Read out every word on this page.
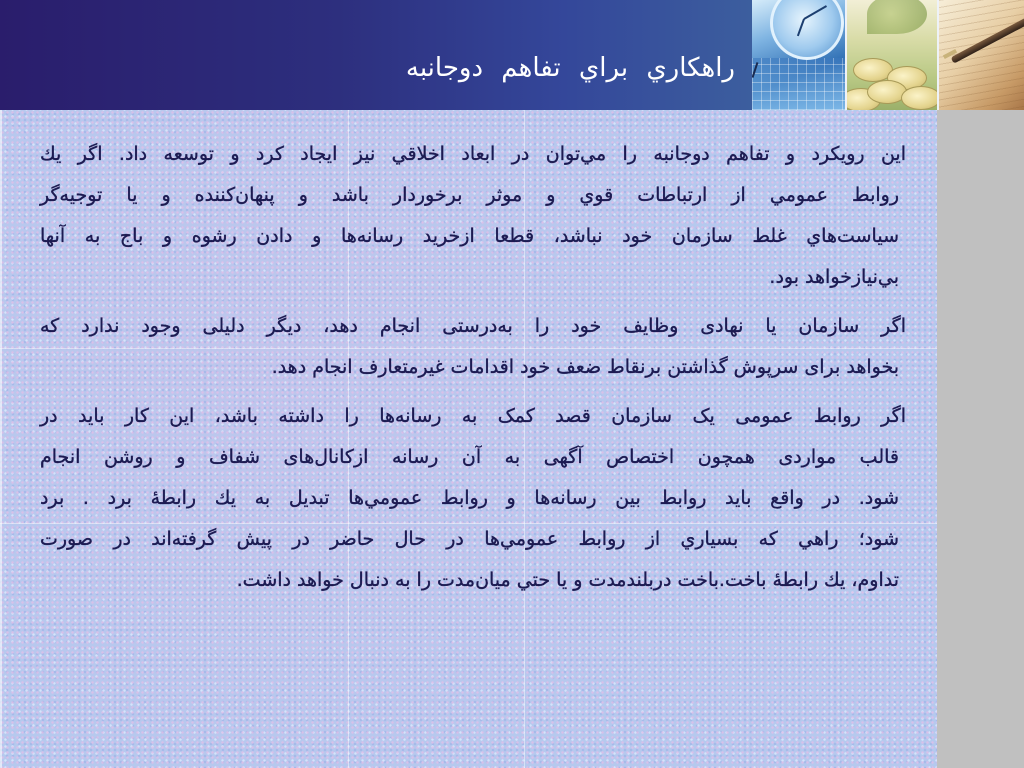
راهكاري براي تفاهم دوجانبه
اين رويكرد و تفاهم دوجانبه را مي‌توان در ابعاد اخلاقي نيز ايجاد كرد و توسعه داد. اگر يك
روابط عمومي از ارتباطات قوي و موثر برخوردار باشد و پنهان‌كننده و يا توجيه‌گر
سياست‌هاي غلط سازمان خود نباشد، قطعا ازخريد رسانه‌ها و دادن رشوه و باج به آنها
بي‌نيازخواهد بود.
اگر سازمان یا نهادی وظایف خود را به‌درستی انجام دهد، دیگر دلیلی وجود ندارد که
بخواهد برای سرپوش گذاشتن برنقاط ضعف خود اقدامات غیرمتعارف انجام دهد.
اگر روابط عمومی یک سازمان قصد کمک به رسانه‌ها را داشته باشد، این کار باید در
قالب مواردی همچون اختصاص آگهی به آن رسانه ازکانال‌های شفاف و روشن انجام
شود. در واقع بايد روابط بين رسانه‌ها و روابط عمومي‌ها تبديل به يك رابطهٔ برد . برد
شود؛ راهي كه بسياري از روابط عمومي‌ها در حال حاضر در پيش گرفته‌اند در صورت
تداوم، يك رابطهٔ باخت.باخت دربلندمدت و يا حتي ميان‌مدت را به دنبال خواهد داشت.
